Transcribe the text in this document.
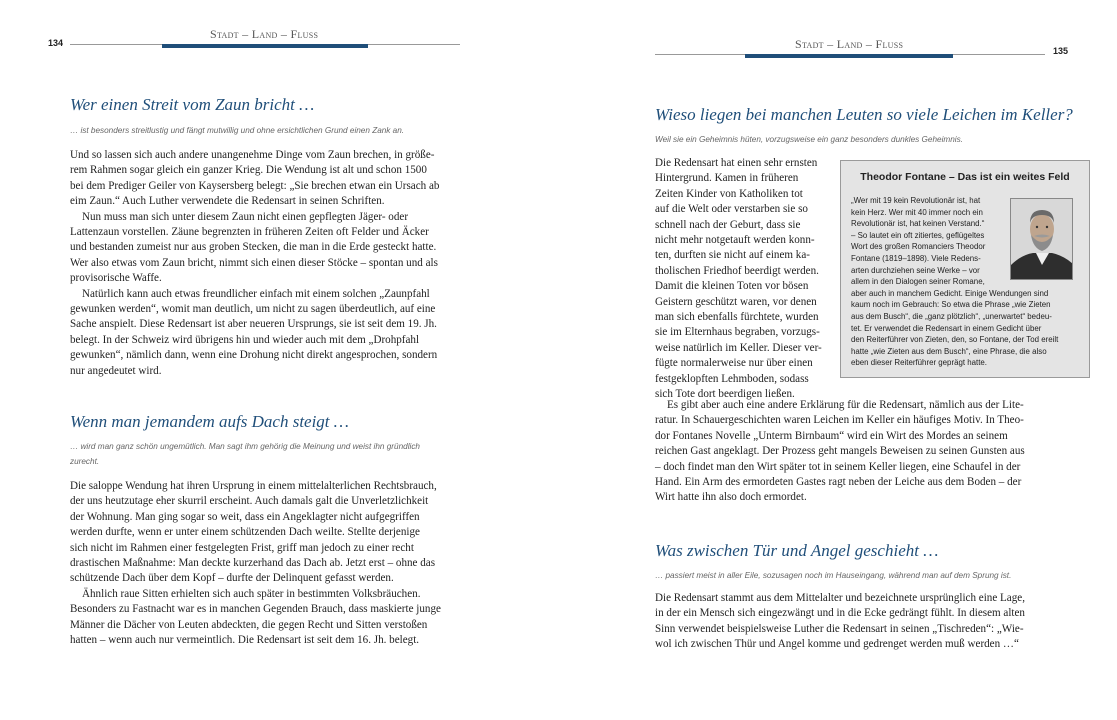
134
Stadt – Land – Fluss
Wer einen Streit vom Zaun bricht …

… ist besonders streitlustig und fängt mutwillig und ohne ersichtlichen Grund einen Zank an.

Und so lassen sich auch andere unangenehme Dinge vom Zaun brechen, in größe-
rem Rahmen sogar gleich ein ganzer Krieg. Die Wendung ist alt und schon 1500
bei dem Prediger Geiler von Kaysersberg belegt: „Sie brechen etwan ein Ursach ab
eim Zaun.“ Auch Luther verwendete die Redensart in seinen Schriften.

Nun muss man sich unter diesem Zaun nicht einen gepflegten Jäger- oder
Lattenzaun vorstellen. Zäune begrenzten in früheren Zeiten oft Felder und Äcker
und bestanden zumeist nur aus groben Stecken, die man in die Erde gesteckt hatte.
Wer also etwas vom Zaun bricht, nimmt sich einen dieser Stöcke – spontan und als
provisorische Waffe.

Natürlich kann auch etwas freundlicher einfach mit einem solchen „Zaunpfahl
gewunken werden“, womit man deutlich, um nicht zu sagen überdeutlich, auf eine
Sache anspielt. Diese Redensart ist aber neueren Ursprungs, sie ist seit dem 19. Jh.
belegt. In der Schweiz wird übrigens hin und wieder auch mit dem „Drohpfahl
gewunken“, nämlich dann, wenn eine Drohung nicht direkt angesprochen, sondern
nur angedeutet wird.

Wenn man jemandem aufs Dach steigt …
… wird man ganz schön ungemütlich. Man sagt ihm gehörig die Meinung und weist ihn gründlich
zurecht.

Die saloppe Wendung hat ihren Ursprung in einem mittelalterlichen Rechtsbrauch,
der uns heutzutage eher skurril erscheint. Auch damals galt die Unverletzlichkeit
der Wohnung. Man ging sogar so weit, dass ein Angeklagter nicht aufgegriffen
werden durfte, wenn er unter einem schützenden Dach weilte. Stellte derjenige
sich nicht im Rahmen einer festgelegten Frist, griff man jedoch zu einer recht
drastischen Maßnahme: Man deckte kurzerhand das Dach ab. Jetzt erst – ohne das
schützende Dach über dem Kopf – durfte der Delinquent gefasst werden.

Ähnlich raue Sitten erhielten sich auch später in bestimmten Volksbräuchen.
Besonders zu Fastnacht war es in manchen Gegenden Brauch, dass maskierte junge
Männer die Dächer von Leuten abdeckten, die gegen Recht und Sitten verstoßen
hatten – wenn auch nur vermeintlich. Die Redensart ist seit dem 16. Jh. belegt.

Stadt – Land – Fluss	135
Wieso liegen bei manchen Leuten so viele Leichen im Keller?

Weil sie ein Geheimnis hüten, vorzugsweise ein ganz besonders dunkles Geheimnis.

Die Redensart hat einen sehr ernsten
Hintergrund. Kamen in früheren
Zeiten Kinder von Katholiken tot
auf die Welt oder verstarben sie so
schnell nach der Geburt, dass sie
nicht mehr notgetauft werden konn-
ten, durften sie nicht auf einem ka-
tholischen Friedhof beerdigt werden.
Damit die kleinen Toten vor bösen
Geistern geschützt waren, vor denen
man sich ebenfalls fürchtete, wurden
sie im Elternhaus begraben, vorzugs-
weise natürlich im Keller. Dieser ver-
fügte normalerweise nur über einen
festgeklopften Lehmboden, sodass
sich Tote dort beerdigen ließen.
Theodor Fontane – Das ist ein weites Feld
„Wer mit 19 kein Revolutionär ist, hat
kein Herz. Wer mit 40 immer noch ein
Revolutionär ist, hat keinen Verstand.“
– So lautet ein oft zitiertes, geflügeltes
Wort des großen Romanciers Theodor
Fontane (1819–1898). Viele Redens-
arten durchziehen seine Werke – vor
allem in den Dialogen seiner Romane,
aber auch in manchem Gedicht. Einige Wendungen sind
kaum noch im Gebrauch: So etwa die Phrase „wie Zieten
aus dem Busch“, die „ganz plötzlich“, „unerwartet“ bedeu-
tet. Er verwendet die Redensart in einem Gedicht über
den Reiterführer von Zieten, den, so Fontane, der Tod ereilt
hatte „wie Zieten aus dem Busch“, eine Phrase, die also
eben dieser Reiterführer geprägt hatte.
Es gibt aber auch eine andere Erklärung für die Redensart, nämlich aus der Lite-
ratur. In Schauergeschichten waren Leichen im Keller ein häufiges Motiv. In Theo-
dor Fontanes Novelle „Unterm Birnbaum“ wird ein Wirt des Mordes an seinem
reichen Gast angeklagt. Der Prozess geht mangels Beweisen zu seinen Gunsten aus
– doch findet man den Wirt später tot in seinem Keller liegen, eine Schaufel in der
Hand. Ein Arm des ermordeten Gastes ragt neben der Leiche aus dem Boden – der
Wirt hatte ihn also doch ermordet.
Was zwischen Tür und Angel geschieht …

… passiert meist in aller Eile, sozusagen noch im Hauseingang, während man auf dem Sprung ist.

Die Redensart stammt aus dem Mittelalter und bezeichnete ursprünglich eine Lage,
in der ein Mensch sich eingezwängt und in die Ecke gedrängt fühlt. In diesem alten
Sinn verwendet beispielsweise Luther die Redensart in seinen „Tischreden“: „Wie-
wol ich zwischen Thür und Angel komme und gedrenget werden muß werden …“
